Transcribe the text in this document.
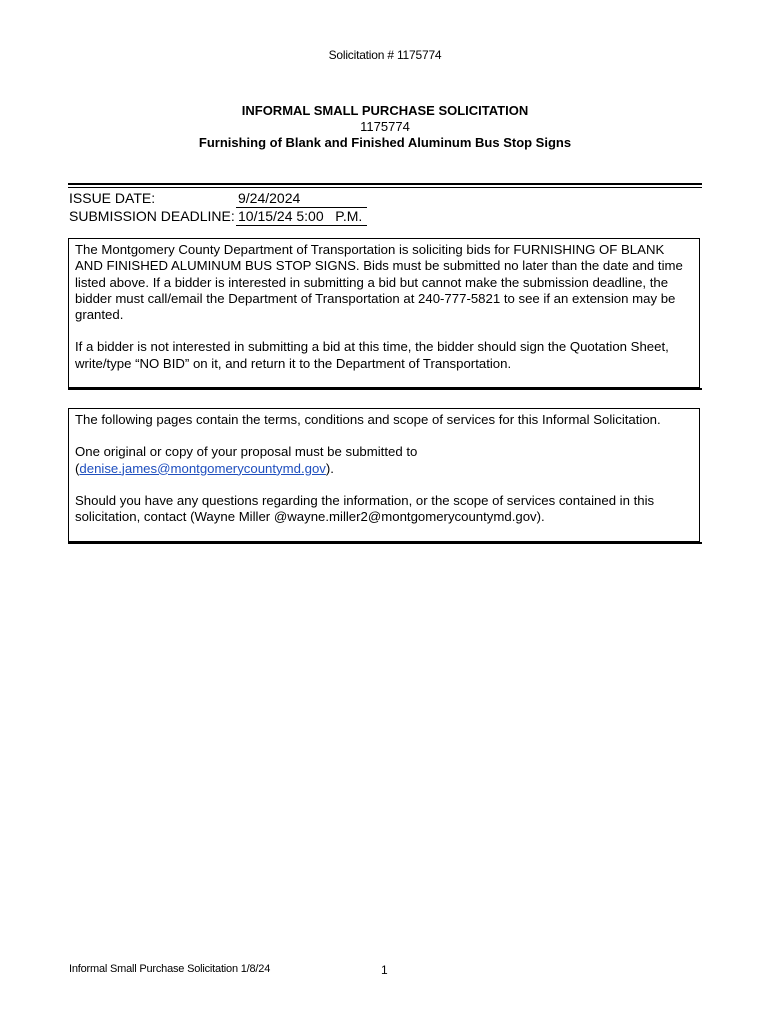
Solicitation # 1175774
INFORMAL SMALL PURCHASE SOLICITATION
1175774
Furnishing of Blank and Finished Aluminum Bus Stop Signs
ISSUE DATE:	9/24/2024
SUBMISSION DEADLINE: 10/15/24 5:00   P.M.

The Montgomery County Department of Transportation is soliciting bids for FURNISHING OF BLANK AND FINISHED ALUMINUM BUS STOP SIGNS. Bids must be submitted no later than the date and time listed above. If a bidder is interested in submitting a bid but cannot make the submission deadline, the bidder must call/email the Department of Transportation at 240-777-5821 to see if an extension may be granted.

If a bidder is not interested in submitting a bid at this time, the bidder should sign the Quotation Sheet, write/type “NO BID” on it, and return it to the Department of Transportation.

The following pages contain the terms, conditions and scope of services for this Informal Solicitation.

One original or copy of your proposal must be submitted to
(denise.james@montgomerycountymd.gov).

Should you have any questions regarding the information, or the scope of services contained in this solicitation, contact (Wayne Miller @wayne.miller2@montgomerycountymd.gov).

Informal Small Purchase Solicitation 1/8/24	1
